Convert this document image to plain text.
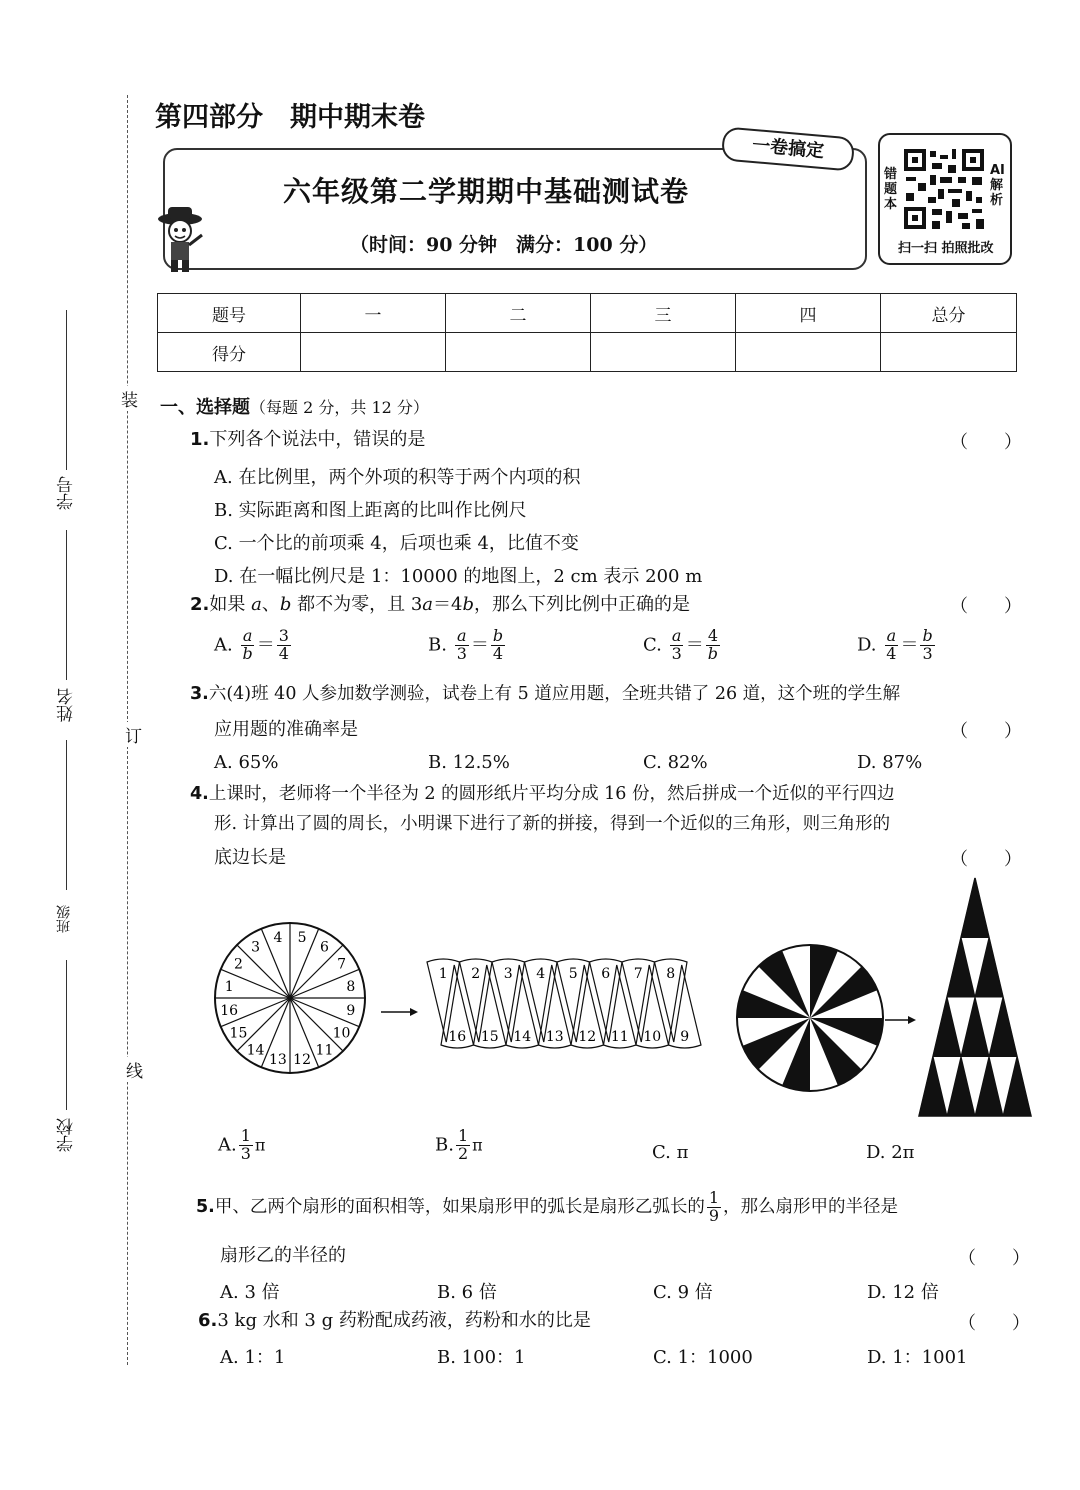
装
订
线
学号
姓名
班级
学校
第四部分　期中期末卷
一卷搞定
六年级第二学期期中基础测试卷
（时间：90 分钟　满分：100 分）
错题本
AI解析
扫一扫 拍照批改
题号	一	二	三	四	总分
得分					
一、选择题（每题 2 分，共 12 分）
1.下列各个说法中，错误的是	（　　）
A. 在比例里，两个外项的积等于两个内项的积
B. 实际距离和图上距离的比叫作比例尺
C. 一个比的前项乘 4，后项也乘 4，比值不变
D. 在一幅比例尺是 1：10000 的地图上，2 cm 表示 200 m
2.如果 a、b 都不为零，且 3a＝4b，那么下列比例中正确的是	（　　）
A. $\frac{a}{b} = \frac{3}{4}$	B. $\frac{a}{3} = \frac{b}{4}$	C. $\frac{a}{3} = \frac{4}{b}$	D. $\frac{a}{4} = \frac{b}{3}$
3.六(4)班 40 人参加数学测验，试卷上有 5 道应用题，全班共错了 26 道，这个班的学生解
应用题的准确率是	（　　）
A. 65%	B. 12.5%	C. 82%	D. 87%
4.上课时，老师将一个半径为 2 的圆形纸片平均分成 16 份，然后拼成一个近似的平行四边
形. 计算出了圆的周长，小明课下进行了新的拼接，得到一个近似的三角形，则三角形的
底边长是	（　　）
1
2
3
4 5
6
7
8
9
10
11
12
13
14
15
16
1 2 3 4 5 6 7 8
16 15 14 13 12 11 10 9
A. $\frac{1}{3}$ π	B. $\frac{1}{2}$ π	C. π	D. 2π
5.甲、乙两个扇形的面积相等，如果扇形甲的弧长是扇形乙弧长的 $\frac{1}{9}$ ，那么扇形甲的半径是
扇形乙的半径的	（　　）
A. 3 倍	B. 6 倍	C. 9 倍	D. 12 倍
6.3 kg 水和 3 g 药粉配成药液，药粉和水的比是	（　　）
A. 1：1	B. 100：1	C. 1：1000	D. 1：1001
